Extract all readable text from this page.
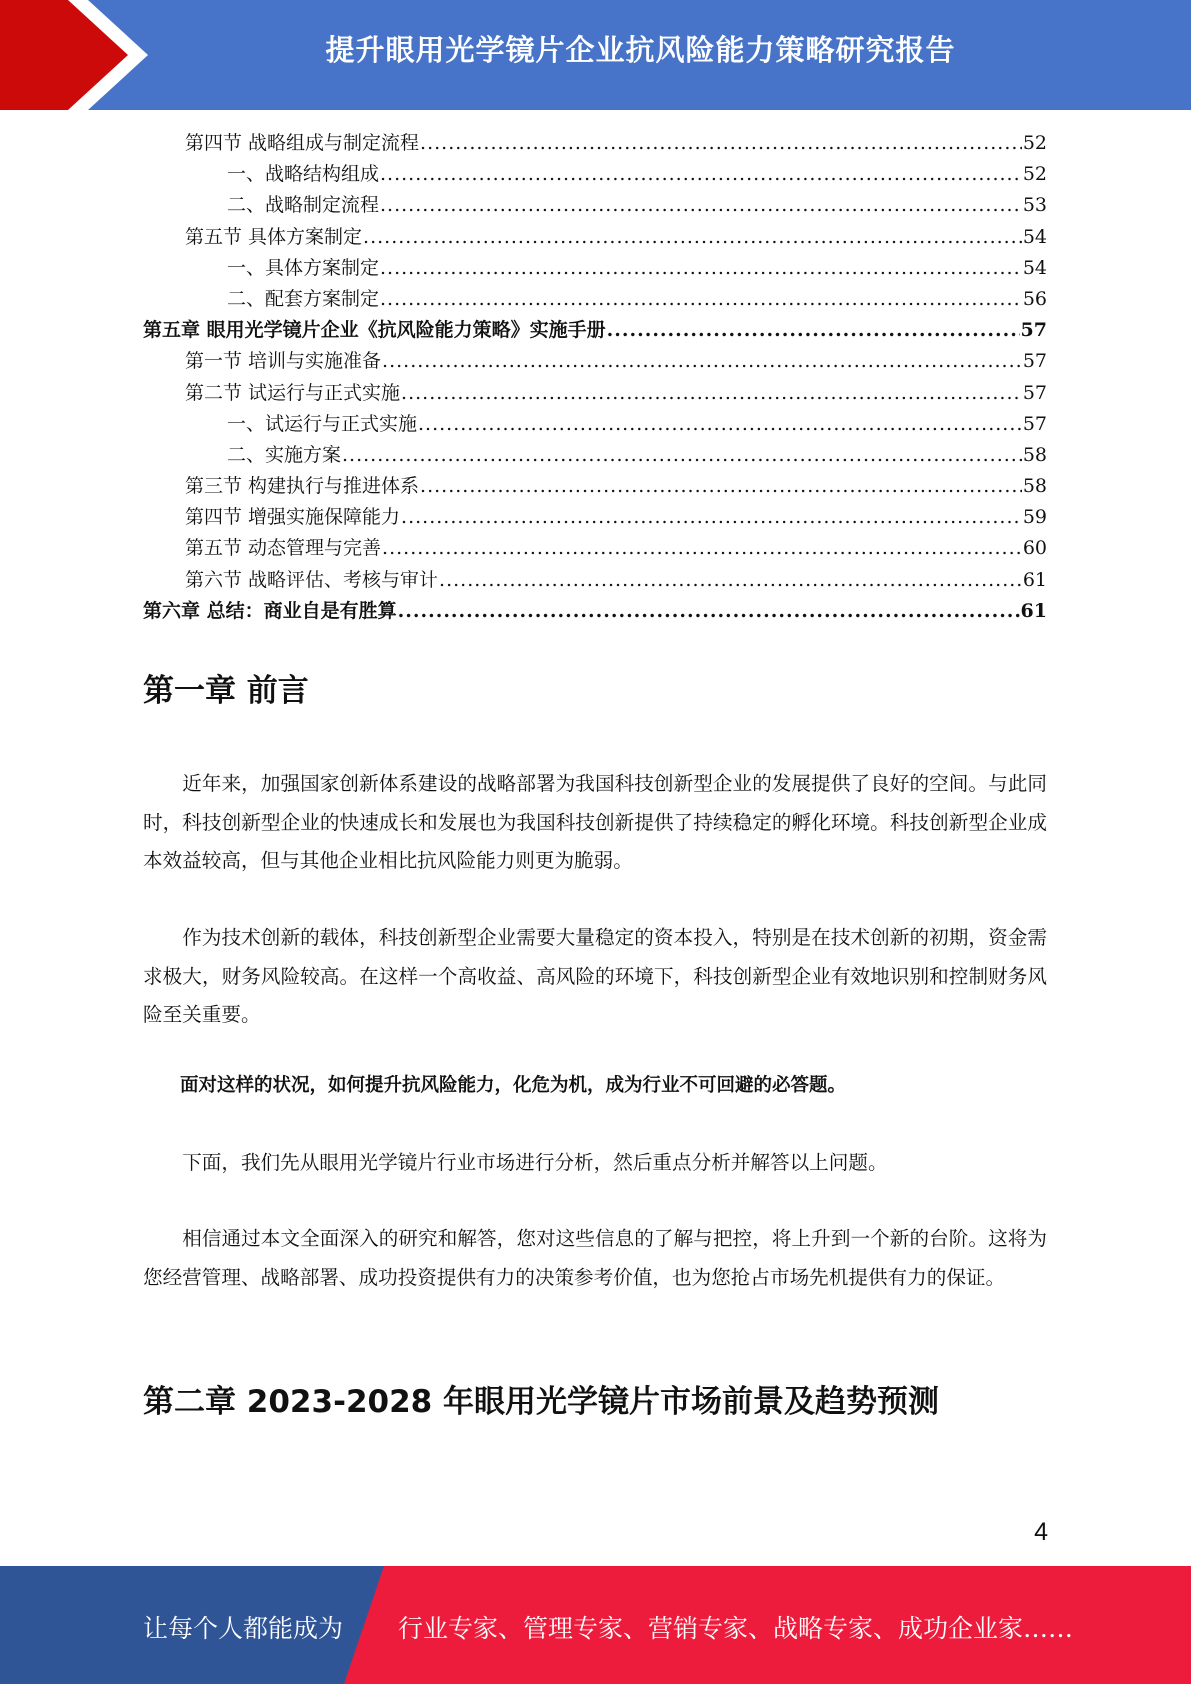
提升眼用光学镜片企业抗风险能力策略研究报告
第四节 战略组成与制定流程 .....	52
一、战略结构组成 .....	52
二、战略制定流程 .....	53
第五节 具体方案制定 .....	54
一、具体方案制定 .....	54
二、配套方案制定 .....	56
第五章 眼用光学镜片企业《抗风险能力策略》实施手册 .....	57
第一节 培训与实施准备 .....	57
第二节 试运行与正式实施 .....	57
一、试运行与正式实施 .....	57
二、实施方案 .....	58
第三节 构建执行与推进体系 .....	58
第四节 增强实施保障能力 .....	59
第五节 动态管理与完善 .....	60
第六节 战略评估、考核与审计 .....	61
第六章 总结：商业自是有胜算 .....	61
第一章 前言

近年来，加强国家创新体系建设的战略部署为我国科技创新型企业的发展提供了良好的空间。与此同时，科技创新型企业的快速成长和发展也为我国科技创新提供了持续稳定的孵化环境。科技创新型企业成本效益较高，但与其他企业相比抗风险能力则更为脆弱。

作为技术创新的载体，科技创新型企业需要大量稳定的资本投入，特别是在技术创新的初期，资金需求极大，财务风险较高。在这样一个高收益、高风险的环境下，科技创新型企业有效地识别和控制财务风险至关重要。

面对这样的状况，如何提升抗风险能力，化危为机，成为行业不可回避的必答题。

下面，我们先从眼用光学镜片行业市场进行分析，然后重点分析并解答以上问题。

相信通过本文全面深入的研究和解答，您对这些信息的了解与把控，将上升到一个新的台阶。这将为您经营管理、战略部署、成功投资提供有力的决策参考价值，也为您抢占市场先机提供有力的保证。

第二章 2023-2028 年眼用光学镜片市场前景及趋势预测
4
让每个人都能成为 行业专家、管理专家、营销专家、战略专家、成功企业家……
